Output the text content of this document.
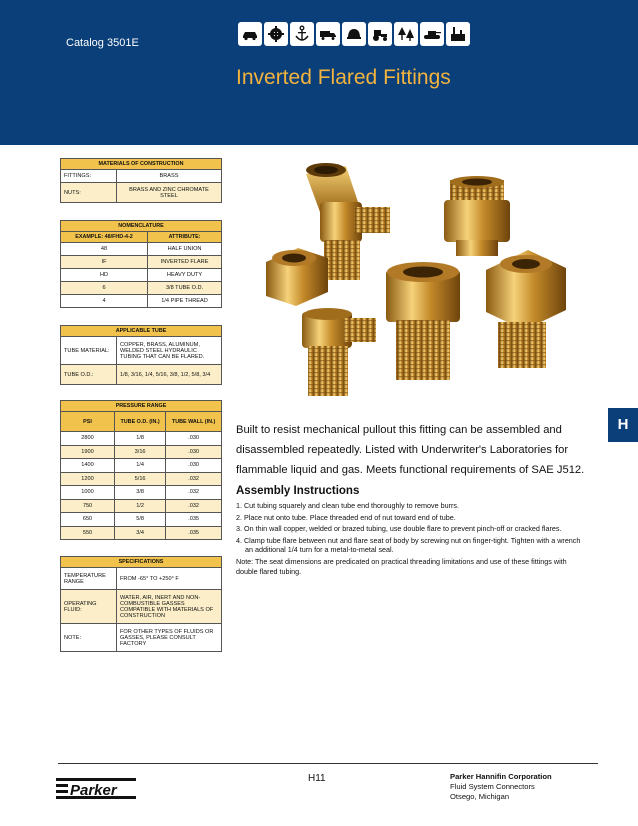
Catalog 3501E
Inverted Flared Fittings
MATERIALS OF CONSTRUCTION	
FITTINGS:	BRASS
NUTS:	BRASS AND ZINC CHROMATE STEEL
NOMENCLATURE	
EXAMPLE: 48/FHD-4-2	ATTRIBUTE:
48	HALF UNION
IF	INVERTED FLARE
HD	HEAVY DUTY
6	3/8 TUBE O.D.
4	1/4 PIPE THREAD
APPLICABLE TUBE	
TUBE MATERIAL:	COPPER, BRASS, ALUMINUM, WELDED STEEL HYDRAULIC TUBING THAT CAN BE FLARED.
TUBE O.D.:	1/8, 3/16, 1/4, 5/16, 3/8, 1/2, 5/8, 3/4
PRESSURE RANGE		
PSI	TUBE O.D. (IN.)	TUBE WALL (IN.)
2800	1/8	.030
1900	3/16	.030
1400	1/4	.030
1200	5/16	.032
1000	3/8	.032
750	1/2	.032
650	5/8	.035
550	3/4	.035
SPECIFICATIONS	
TEMPERATURE RANGE	FROM -65° TO +250° F
OPERATING FLUID:	WATER, AIR, INERT AND NON-COMBUSTIBLE GASSES COMPATIBLE WITH MATERIALS OF CONSTRUCTION
NOTE:	FOR OTHER TYPES OF FLUIDS OR GASSES, PLEASE CONSULT FACTORY
H

Built to resist mechanical pullout this fitting can be assembled and disassembled repeatedly. Listed with Underwriter's Laboratories for flammable liquid and gas. Meets functional requirements of SAE J512.

Assembly Instructions
1. Cut tubing squarely and clean tube end thoroughly to remove burrs.
2. Place nut onto tube. Place threaded end of nut toward end of tube.
3. On thin wall copper, welded or brazed tubing, use double flare to prevent pinch-off or cracked flares.
4. Clamp tube flare between nut and flare seat of body by screwing nut on finger-tight. Tighten with a wrench an additional 1/4 turn for a metal-to-metal seal.

Note: The seat dimensions are predicated on practical threading limitations and use of these fittings with double flared tubing.

Parker
H11	Parker Hannifin Corporation
Fluid System Connectors
Otsego, Michigan
